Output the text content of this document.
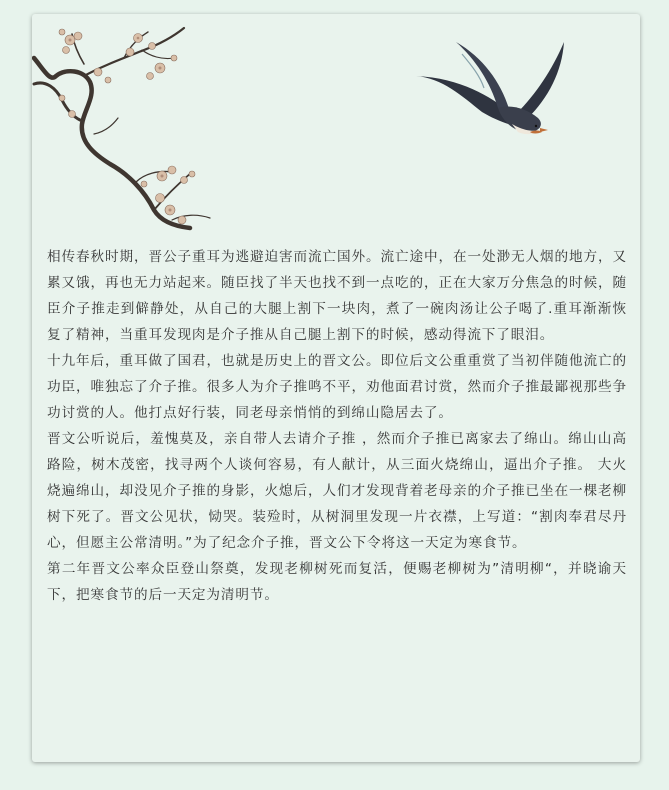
相传春秋时期，晋公子重耳为逃避迫害而流亡国外。流亡途中，在一处渺无人烟的地方，又累又饿，再也无力站起来。随臣找了半天也找不到一点吃的，正在大家万分焦急的时候，随臣介子推走到僻静处，从自己的大腿上割下一块肉，煮了一碗肉汤让公子喝了.重耳渐渐恢复了精神，当重耳发现肉是介子推从自己腿上割下的时候，感动得流下了眼泪。

十九年后，重耳做了国君，也就是历史上的晋文公。即位后文公重重赏了当初伴随他流亡的功臣，唯独忘了介子推。很多人为介子推鸣不平，劝他面君讨赏，然而介子推最鄙视那些争功讨赏的人。他打点好行装，同老母亲悄悄的到绵山隐居去了。

晋文公听说后，羞愧莫及，亲自带人去请介子推 ，然而介子推已离家去了绵山。绵山山高路险，树木茂密，找寻两个人谈何容易，有人献计，从三面火烧绵山，逼出介子推。 大火烧遍绵山，却没见介子推的身影，火熄后，人们才发现背着老母亲的介子推已坐在一棵老柳树下死了。晋文公见状，恸哭。装殓时，从树洞里发现一片衣襟，上写道：“割肉奉君尽丹心，但愿主公常清明。”为了纪念介子推，晋文公下令将这一天定为寒食节。

第二年晋文公率众臣登山祭奠，发现老柳树死而复活，便赐老柳树为”清明柳“，并晓谕天下，把寒食节的后一天定为清明节。
